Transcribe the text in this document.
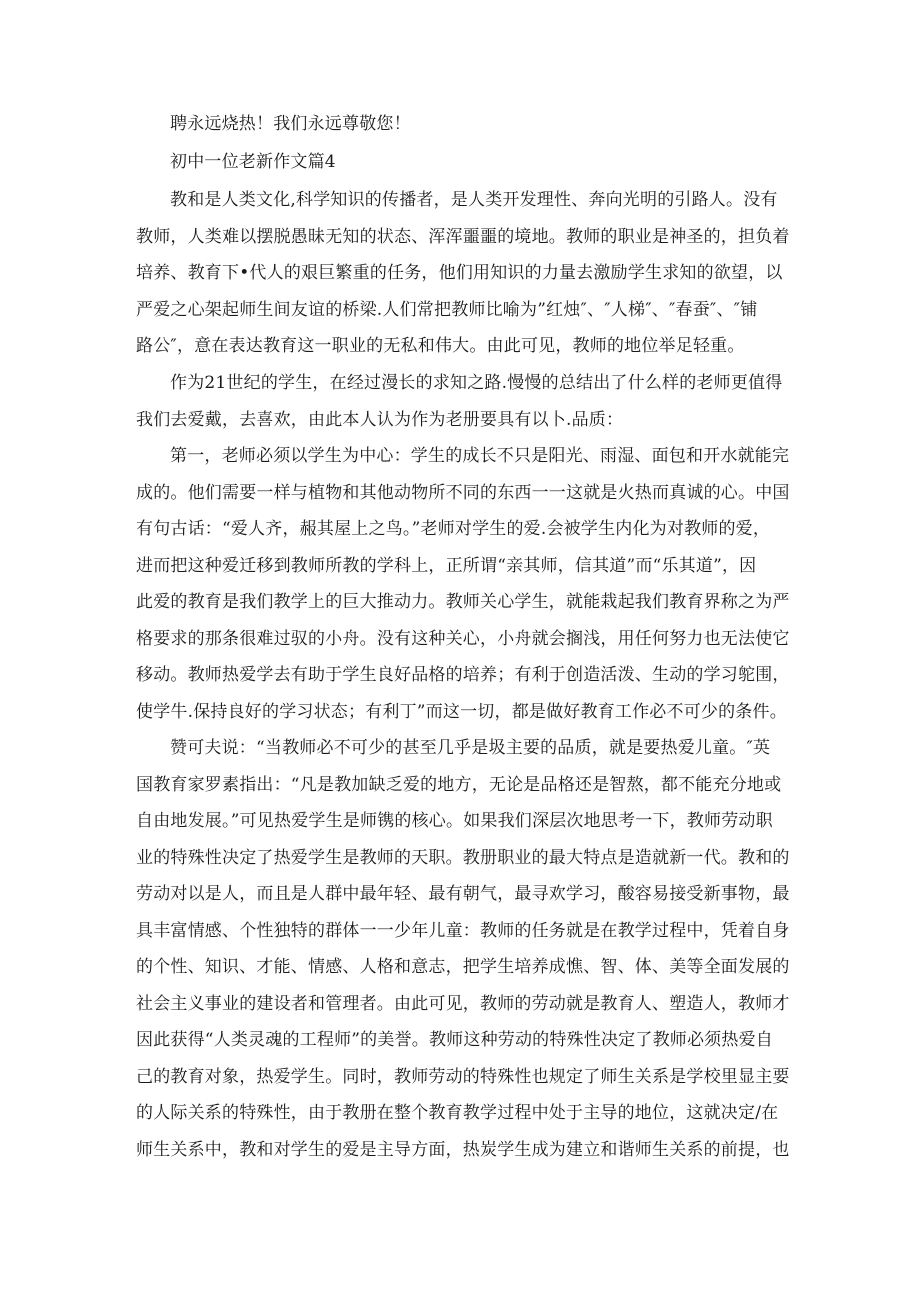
聘永远烧热！我们永远尊敬您！
初中一位老新作文篇4
教和是人类文化,科学知识的传播者，是人类开发理性、奔向光明的引路人。没有
教师，人类难以摆脱愚昧无知的状态、浑浑噩噩的境地。教师的职业是神圣的，担负着
培养、教育下•代人的艰巨繁重的任务，他们用知识的力量去激励学生求知的欲望，以
严爱之心架起师生间友谊的桥梁.人们常把教师比喻为”红烛″、″人梯″、″春蚕″、″铺
路公″，意在表达教育这一职业的无私和伟大。由此可见，教师的地位举足轻重。
作为21世纪的学生，在经过漫长的求知之路.慢慢的总结出了什么样的老师更值得
我们去爱戴，去喜欢，由此本人认为作为老册要具有以卜.品质：
第一，老师必须以学生为中心：学生的成长不只是阳光、雨湿、面包和开水就能完
成的。他们需要一样与植物和其他动物所不同的东西一一这就是火热而真诚的心。中国
有句古话：“爱人齐，赧其屋上之鸟。”老师对学生的爱.会被学生内化为对教师的爱，
进而把这种爱迁移到教师所教的学科上，正所谓“亲其师，信其道”而“乐其道”，因
此爱的教育是我们教学上的巨大推动力。教师关心学生，就能栽起我们教育界称之为严
格要求的那条很难过驭的小舟。没有这种关心，小舟就会搁浅，用任何努力也无法使它
移动。教师热爱学去有助于学生良好品格的培养；有利于创造活泼、生动的学习鸵围，
使学牛.保持良好的学习状态；有利丁”而这一切，都是做好教育工作必不可少的条件。
赞可夫说：“当教师必不可少的甚至几乎是圾主要的品质，就是要热爱儿童。″英
国教育家罗素指出：“凡是教加缺乏爱的地方，无论是品格还是智熬，都不能充分地或
自由地发展。”可见热爱学生是师镌的核心。如果我们深层次地思考一下，教师劳动职
业的特殊性决定了热爱学生是教师的天职。教册职业的最大特点是造就新一代。教和的
劳动对以是人，而且是人群中最年轻、最有朝气，最寻欢学习，酸容易接受新事物，最
具丰富情感、个性独特的群体一一少年儿童：教师的任务就是在教学过程中，凭着自身
的个性、知识、才能、情感、人格和意志，把学生培养成憔、智、体、美等全面发展的
社会主义事业的建设者和管理者。由此可见，教师的劳动就是教育人、塑造人，教师才
因此获得“人类灵魂的工程师”的美誉。教师这种劳动的特殊性决定了教师必须热爱自
己的教育对象，热爱学生。同时，教师劳动的特殊性也规定了师生关系是学校里显主要
的人际关系的特殊性，由于教册在整个教育教学过程中处于主导的地位，这就决定/在
师生关系中，教和对学生的爱是主导方面，热炭学生成为建立和谐师生关系的前提，也
